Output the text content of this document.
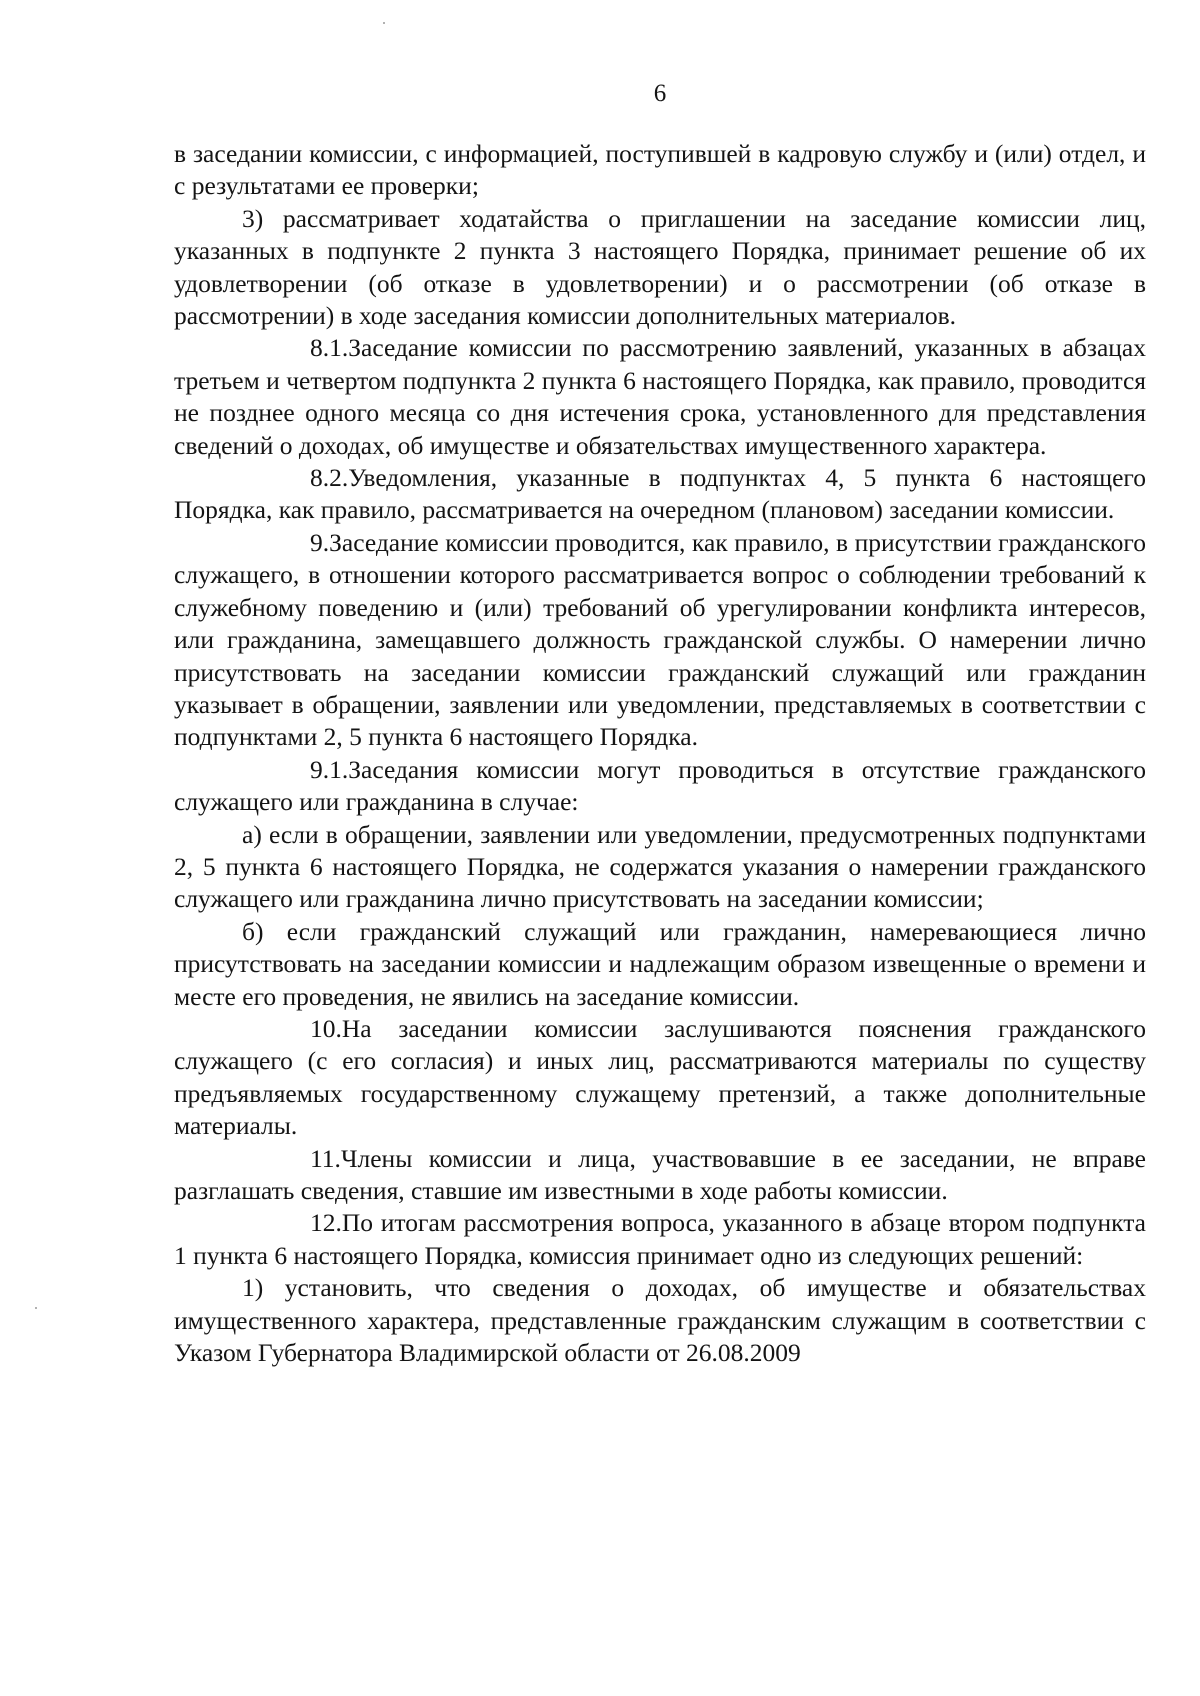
6

в заседании комиссии, с информацией, поступившей в кадровую службу и (или) отдел, и с результатами ее проверки;

3) рассматривает ходатайства о приглашении на заседание комиссии лиц, указанных в подпункте 2 пункта 3 настоящего Порядка, принимает решение об их удовлетворении (об отказе в удовлетворении) и о рассмотрении (об отказе в рассмотрении) в ходе заседания комиссии дополнительных материалов.

8.1.Заседание комиссии по рассмотрению заявлений, указанных в абзацах третьем и четвертом подпункта 2 пункта 6 настоящего Порядка, как правило, проводится не позднее одного месяца со дня истечения срока, установленного для представления сведений о доходах, об имуществе и обязательствах имущественного характера.

8.2.Уведомления, указанные в подпунктах 4, 5 пункта 6 настоящего Порядка, как правило, рассматривается на очередном (плановом) заседании комиссии.

9.Заседание комиссии проводится, как правило, в присутствии гражданского служащего, в отношении которого рассматривается вопрос о соблюдении требований к служебному поведению и (или) требований об урегулировании конфликта интересов, или гражданина, замещавшего должность гражданской службы. О намерении лично присутствовать на заседании комиссии гражданский служащий или гражданин указывает в обращении, заявлении или уведомлении, представляемых в соответствии с подпунктами 2, 5 пункта 6 настоящего Порядка.

9.1.Заседания комиссии могут проводиться в отсутствие гражданского служащего или гражданина в случае:

а) если в обращении, заявлении или уведомлении, предусмотренных подпунктами 2, 5 пункта 6 настоящего Порядка, не содержатся указания о намерении гражданского служащего или гражданина лично присутствовать на заседании комиссии;

б) если гражданский служащий или гражданин, намеревающиеся лично присутствовать на заседании комиссии и надлежащим образом извещенные о времени и месте его проведения, не явились на заседание комиссии.

10.На заседании комиссии заслушиваются пояснения гражданского служащего (с его согласия) и иных лиц, рассматриваются материалы по существу предъявляемых государственному служащему претензий, а также дополнительные материалы.

11.Члены комиссии и лица, участвовавшие в ее заседании, не вправе разглашать сведения, ставшие им известными в ходе работы комиссии.

12.По итогам рассмотрения вопроса, указанного в абзаце втором подпункта 1 пункта 6 настоящего Порядка, комиссия принимает одно из следующих решений:

1) установить, что сведения о доходах, об имуществе и обязательствах имущественного характера, представленные гражданским служащим в соответствии с Указом Губернатора Владимирской области от 26.08.2009
